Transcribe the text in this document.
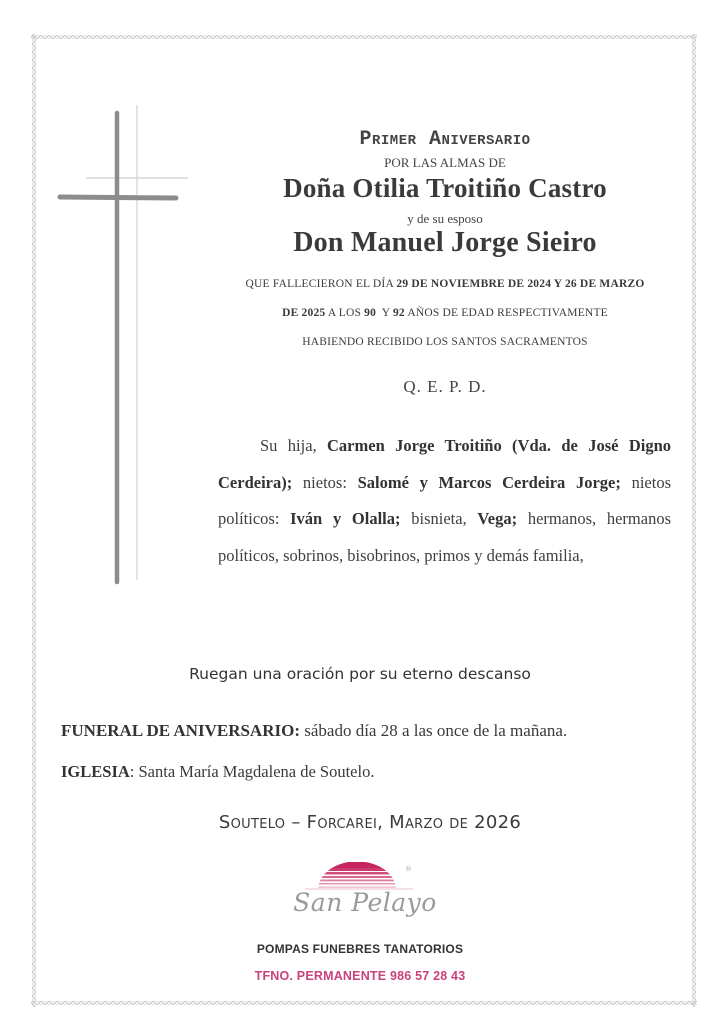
Primer Aniversario
POR LAS ALMAS DE
Doña Otilia Troitiño Castro
y de su esposo
Don Manuel Jorge Sieiro
QUE FALLECIERON EL DÍA 29 DE NOVIEMBRE DE 2024 Y 26 DE MARZO
DE 2025 A LOS 90  Y 92 AÑOS DE EDAD RESPECTIVAMENTE
HABIENDO RECIBIDO LOS SANTOS SACRAMENTOS
Q. E. P. D.
Su hija, Carmen Jorge Troitiño (Vda. de José Digno Cerdeira); nietos: Salomé y Marcos Cerdeira Jorge; nietos políticos: Iván y Olalla; bisnieta, Vega; hermanos, hermanos políticos, sobrinos, bisobrinos, primos y demás familia,
Ruegan una oración por su eterno descanso
FUNERAL DE ANIVERSARIO: sábado día 28 a las once de la mañana.
IGLESIA: Santa María Magdalena de Soutelo.
Soutelo – Forcarei, Marzo de 2026
®
San Pelayo
POMPAS FUNEBRES TANATORIOS
TFNO. PERMANENTE 986 57 28 43
